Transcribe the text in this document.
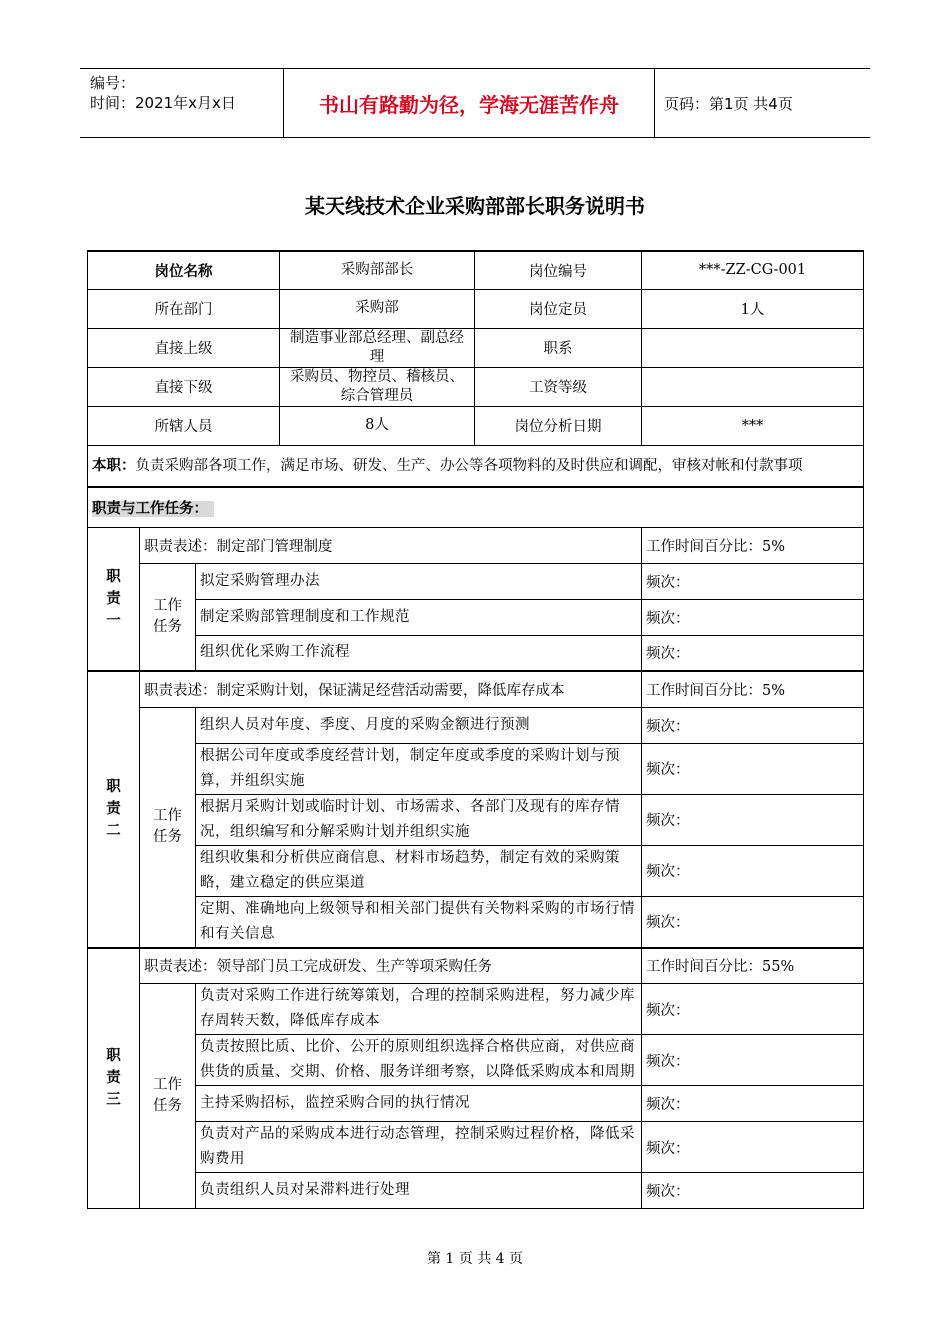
编号：
时间：2021年x月x日	书山有路勤为径，学海无涯苦作舟	页码：第1页 共4页
某天线技术企业采购部部长职务说明书
岗位名称			采购部部长	岗位编号	***-ZZ-CG-001
所在部门			采购部	岗位定员	1人
直接上级			制造事业部总经理、副总经理	职系	
直接下级			采购员、物控员、稽核员、综合管理员	工资等级	
所辖人员			8人	岗位分析日期	***
本职：负责采购部各项工作，满足市场、研发、生产、办公等各项物料的及时供应和调配，审核对帐和付款事项					
职责与工作任务：					
职
责
一	职责表述：制定部门管理制度				工作时间百分比：5%
	工作
任务	拟定采购管理办法			频次：
		制定采购部管理制度和工作规范			频次：
		组织优化采购工作流程			频次：
职
责
二	职责表述：制定采购计划，保证满足经营活动需要，降低库存成本				工作时间百分比：5%
	工作
任务	组织人员对年度、季度、月度的采购金额进行预测			频次：
		根据公司年度或季度经营计划，制定年度或季度的采购计划与预算，并组织实施			频次：
		根据月采购计划或临时计划、市场需求、各部门及现有的库存情况，组织编写和分解采购计划并组织实施			频次：
		组织收集和分析供应商信息、材料市场趋势，制定有效的采购策略，建立稳定的供应渠道			频次：
		定期、准确地向上级领导和相关部门提供有关物料采购的市场行情和有关信息			频次：
职
责
三	职责表述：领导部门员工完成研发、生产等项采购任务				工作时间百分比：55%
	工作
任务	负责对采购工作进行统筹策划，合理的控制采购进程，努力减少库存周转天数，降低库存成本			频次：
		负责按照比质、比价、公开的原则组织选择合格供应商，对供应商供货的质量、交期、价格、服务详细考察，以降低采购成本和周期			频次：
		主持采购招标，监控采购合同的执行情况			频次：
		负责对产品的采购成本进行动态管理，控制采购过程价格，降低采购费用			频次：
		负责组织人员对呆滞料进行处理			频次：
第 1 页 共 4 页
